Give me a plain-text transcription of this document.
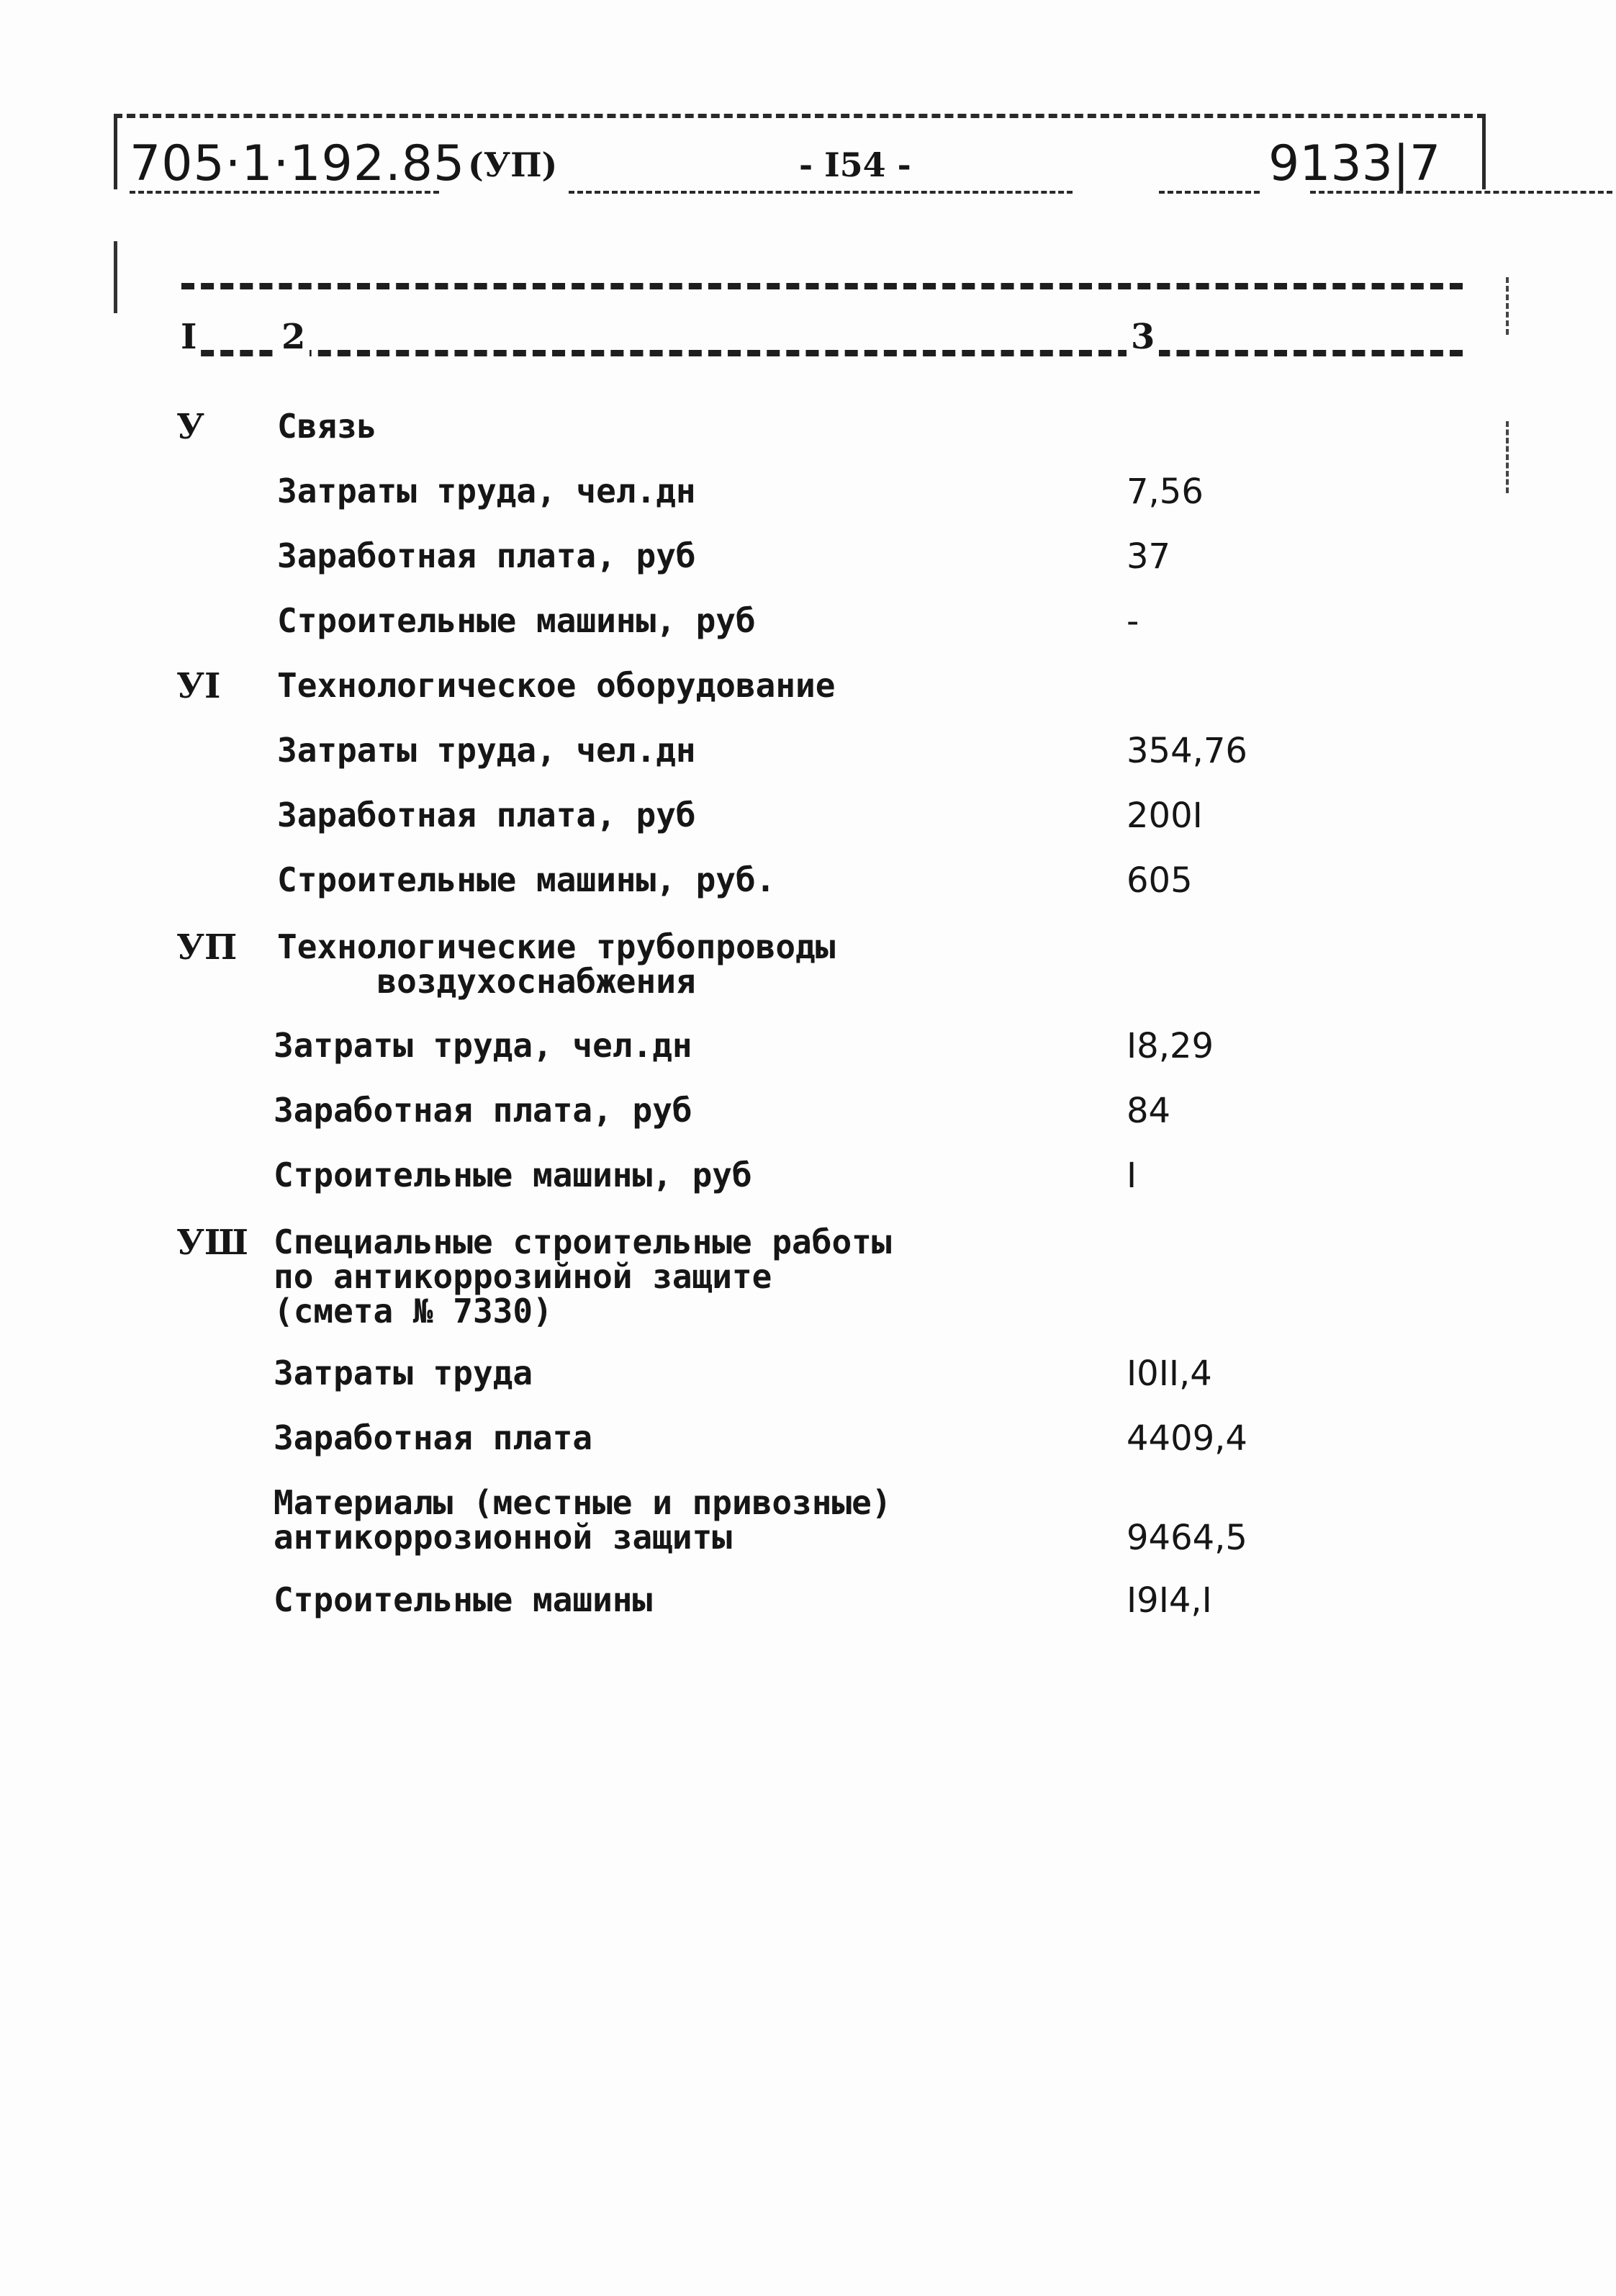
705·1·192.85 (УП)	- I54 -	9133|7
I 2	3
У Связь
Затраты труда, чел.дн	7,56
Заработная плата, руб	37
Строительные машины, руб	-
УI Технологическое оборудование
Затраты труда, чел.дн	354,76
Заработная плата, руб	200I
Строительные машины, руб.	605
УП Технологические трубопроводы
воздухоснабжения
Затраты труда, чел.дн	I8,29
Заработная плата, руб	84
Строительные машины, руб	I
УШ Специальные строительные работы
по антикоррозийной защите
(смета № 7330)
Затраты труда	I0II,4
Заработная плата	4409,4
Материалы (местные и привозные)
антикоррозионной защиты	9464,5
Строительные машины	I9I4,I
